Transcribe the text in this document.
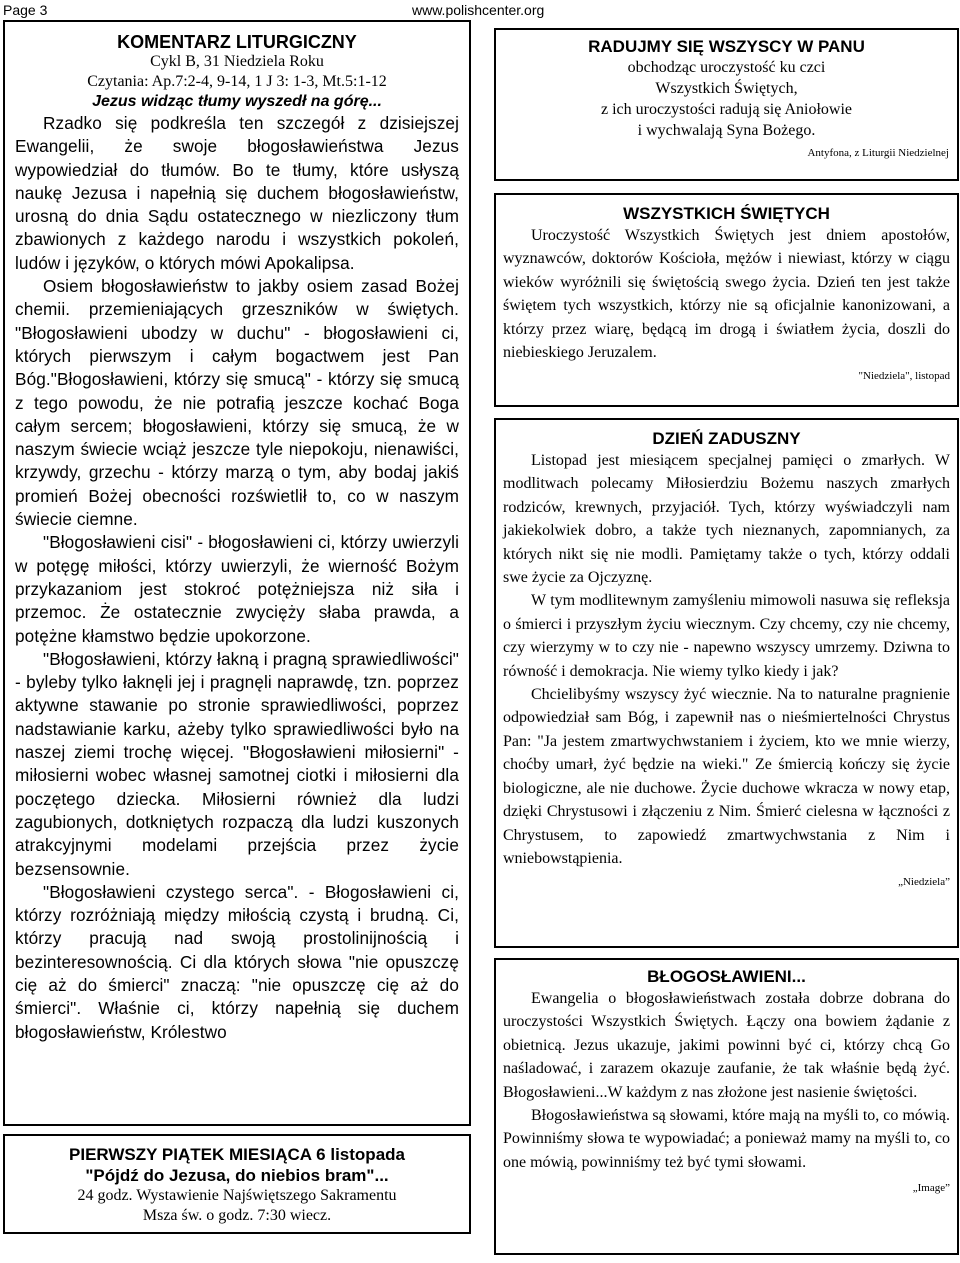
Page 3	www.polishcenter.org
KOMENTARZ LITURGICZNY
Cykl B, 31 Niedziela Roku
Czytania: Ap.7:2-4, 9-14, 1 J 3: 1-3, Mt.5:1-12
Jezus widząc tłumy wyszedł na górę...

Rzadko się podkreśla ten szczegół z dzisiejszej Ewangelii, że swoje błogosławieństwa Jezus wypowiedział do tłumów. Bo te tłumy, które usłyszą naukę Jezusa i napełnią się duchem błogosławieństw, urosną do dnia Sądu ostatecznego w niezliczony tłum zbawionych z każdego narodu i wszystkich pokoleń, ludów i języków, o których mówi Apokalipsa.

Osiem błogosławieństw to jakby osiem zasad Bożej chemii. przemieniających grzeszników w świętych. "Błogosławieni ubodzy w duchu" - błogosławieni ci, których pierwszym i całym bogactwem jest Pan Bóg."Błogosławieni, którzy się smucą" - którzy się smucą z tego powodu, że nie potrafią jeszcze kochać Boga całym sercem; błogosławieni, którzy się smucą, że w naszym świecie wciąż jeszcze tyle niepokoju, nienawiści, krzywdy, grzechu - którzy marzą o tym, aby bodaj jakiś promień Bożej obecności rozświetlił to, co w naszym świecie ciemne.

"Błogosławieni cisi" - błogosławieni ci, którzy uwierzyli w potęgę miłości, którzy uwierzyli, że wierność Bożym przykazaniom jest stokroć potężniejsza niż siła i przemoc. Że ostatecznie zwycięży słaba prawda, a potężne kłamstwo będzie upokorzone.

"Błogosławieni, którzy łakną i pragną sprawiedliwości" - byleby tylko łaknęli jej i pragnęli naprawdę, tzn. poprzez aktywne stawanie po stronie sprawiedliwości, poprzez nadstawianie karku, ażeby tylko sprawiedliwości było na naszej ziemi trochę więcej. "Błogosławieni miłosierni" - miłosierni wobec własnej samotnej ciotki i miłosierni dla poczętego dziecka. Miłosierni również dla ludzi zagubionych, dotkniętych rozpaczą dla ludzi kuszonych atrakcyjnymi modelami przejścia przez życie bezsensownie.

"Błogosławieni czystego serca". - Błogosławieni ci, którzy rozróżniają między miłością czystą i brudną. Ci, którzy pracują nad swoją prostolinijnością i bezinteresownością. Ci dla których słowa "nie opuszczę cię aż do śmierci" znaczą: "nie opuszczę cię aż do śmierci". Właśnie ci, którzy napełnią się duchem błogosławieństw, Królestwo

PIERWSZY PIĄTEK MIESIĄCA 6 listopada
"Pójdź do Jezusa, do niebios bram"...
24 godz. Wystawienie Najświętszego Sakramentu
Msza św. o godz. 7:30 wiecz.
RADUJMY SIĘ WSZYSCY W PANU
obchodząc uroczystość ku czci
Wszystkich Świętych,
z ich uroczystości radują się Aniołowie
i wychwalają Syna Bożego.
Antyfona, z Liturgii Niedzielnej
WSZYSTKICH ŚWIĘTYCH

Uroczystość Wszystkich Świętych jest dniem apostołów, wyznawców, doktorów Kościoła, mężów i niewiast, którzy w ciągu wieków wyróżnili się świętością swego życia. Dzień ten jest także świętem tych wszystkich, którzy nie są oficjalnie kanonizowani, a którzy przez wiarę, będącą im drogą i światłem życia, doszli do niebieskiego Jeruzalem.

"Niedziela", listopad
DZIEŃ ZADUSZNY

Listopad jest miesiącem specjalnej pamięci o zmarłych. W modlitwach polecamy Miłosierdziu Bożemu naszych zmarłych rodziców, krewnych, przyjaciół. Tych, którzy wyświadczyli nam jakiekolwiek dobro, a także tych nieznanych, zapomnianych, za których nikt się nie modli. Pamiętamy także o tych, którzy oddali swe życie za Ojczyznę.

W tym modlitewnym zamyśleniu mimowoli nasuwa się refleksja o śmierci i przyszłym życiu wiecznym. Czy chcemy, czy nie chcemy, czy wierzymy w to czy nie - napewno wszyscy umrzemy. Dziwna to równość i demokracja. Nie wiemy tylko kiedy i jak?

Chcielibyśmy wszyscy żyć wiecznie. Na to naturalne pragnienie odpowiedział sam Bóg, i zapewnił nas o nieśmiertelności Chrystus Pan: "Ja jestem zmartwychwstaniem i życiem, kto we mnie wierzy, choćby umarł, żyć będzie na wieki." Ze śmiercią kończy się życie biologiczne, ale nie duchowe. Życie duchowe wkracza w nowy etap, dzięki Chrystusowi i złączeniu z Nim. Śmierć cielesna w łączności z Chrystusem, to zapowiedź zmartwychwstania z Nim i wniebowstąpienia.

„Niedziela”
BŁOGOSŁAWIENI...

Ewangelia o błogosławieństwach została dobrze dobrana do uroczystości Wszystkich Świętych. Łączy ona bowiem żądanie z obietnicą. Jezus ukazuje, jakimi powinni być ci, którzy chcą Go naśladować, i zarazem okazuje zaufanie, że tak właśnie będą żyć. Błogosławieni...W każdym z nas złożone jest nasienie świętości.

Błogosławieństwa są słowami, które mają na myśli to, co mówią. Powinniśmy słowa te wypowiadać; a ponieważ mamy na myśli to, co one mówią, powinniśmy też być tymi słowami.

„Image”
